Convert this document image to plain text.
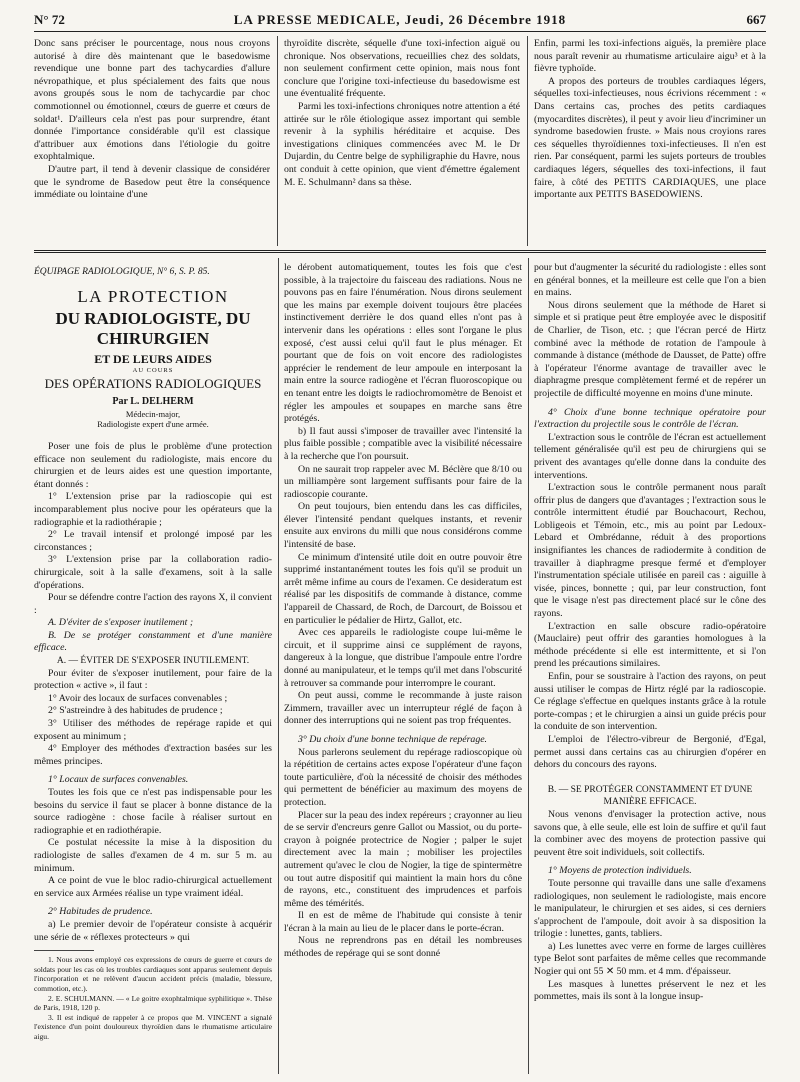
N° 72	LA PRESSE MEDICALE, Jeudi, 26 Décembre 1918	667

Donc sans préciser le pourcentage, nous nous croyons autorisé à dire dès maintenant que le basedowisme revendique une bonne part des tachycardies d'allure névropathique, et plus spécialement des faits que nous avons groupés sous le nom de tachycardie par choc commotionnel ou émotionnel, cœurs de guerre et cœurs de soldat¹. D'ailleurs cela n'est pas pour surprendre, étant donnée l'importance considérable qu'il est classique d'attribuer aux émotions dans l'étiologie du goitre exophtalmique.

D'autre part, il tend à devenir classique de considérer que le syndrome de Basedow peut être la conséquence immédiate ou lointaine d'une

thyroïdite discrète, séquelle d'une toxi-infection aiguë ou chronique. Nos observations, recueillies chez des soldats, non seulement confirment cette opinion, mais nous font conclure que l'origine toxi-infectieuse du basedowisme est une éventualité fréquente.

Parmi les toxi-infections chroniques notre attention a été attirée sur le rôle étiologique assez important qui semble revenir à la syphilis héréditaire et acquise. Des investigations cliniques commencées avec M. le Dr Dujardin, du Centre belge de syphiligraphie du Havre, nous ont conduit à cette opinion, que vient d'émettre également M. E. Schulmann² dans sa thèse.

Enfin, parmi les toxi-infections aiguës, la première place nous paraît revenir au rhumatisme articulaire aigu³ et à la fièvre typhoïde.

A propos des porteurs de troubles cardiaques légers, séquelles toxi-infectieuses, nous écrivions récemment : « Dans certains cas, proches des petits cardiaques (myocardites discrètes), il peut y avoir lieu d'incriminer un syndrome basedowien fruste. » Mais nous croyions rares ces séquelles thyroïdiennes toxi-infectieuses. Il n'en est rien. Par conséquent, parmi les sujets porteurs de troubles cardiaques légers, séquelles des toxi-infections, il faut faire, à côté des PETITS CARDIAQUES, une place importante aux PETITS BASEDOWIENS.

ÉQUIPAGE RADIOLOGIQUE, N° 6, S. P. 85.
LA PROTECTION
DU RADIOLOGISTE, DU CHIRURGIEN
ET DE LEURS AIDES
AU COURS
DES OPÉRATIONS RADIOLOGIQUES
Par L. DELHERM
Médecin-major,
Radiologiste expert d'une armée.

Poser une fois de plus le problème d'une protection efficace non seulement du radiologiste, mais encore du chirurgien et de leurs aides est une question importante, étant donnés :

1° L'extension prise par la radioscopie qui est incomparablement plus nocive pour les opérateurs que la radiographie et la radiothérapie ;

2° Le travail intensif et prolongé imposé par les circonstances ;

3° L'extension prise par la collaboration radio-chirurgicale, soit à la salle d'examens, soit à la salle d'opérations.

Pour se défendre contre l'action des rayons X, il convient :

A. D'éviter de s'exposer inutilement ;

B. De se protéger constamment et d'une manière efficace.

A. — ÉVITER DE S'EXPOSER INUTILEMENT.

Pour éviter de s'exposer inutilement, pour faire de la protection « active », il faut :

1° Avoir des locaux de surfaces convenables ;

2° S'astreindre à des habitudes de prudence ;

3° Utiliser des méthodes de repérage rapide et qui exposent au minimum ;

4° Employer des méthodes d'extraction basées sur les mêmes principes.

1° Locaux de surfaces convenables.

Toutes les fois que ce n'est pas indispensable pour les besoins du service il faut se placer à bonne distance de la source radiogène : chose facile à réaliser surtout en radiographie et en radiothérapie.

Ce postulat nécessite la mise à la disposition du radiologiste de salles d'examen de 4 m. sur 5 m. au minimum.

A ce point de vue le bloc radio-chirurgical actuellement en service aux Armées réalise un type vraiment idéal.

2° Habitudes de prudence.

a) Le premier devoir de l'opérateur consiste à acquérir une série de « réflexes protecteurs » qui

1. Nous avons employé ces expressions de cœurs de guerre et cœurs de soldats pour les cas où les troubles cardiaques sont apparus seulement depuis l'incorporation et ne relèvent d'aucun accident précis (maladie, blessure, commotion, etc.).

2. E. SCHULMANN. — « Le goitre exophtalmique syphilitique ». Thèse de Paris, 1918, 120 p.

3. Il est indiqué de rappeler à ce propos que M. VINCENT a signalé l'existence d'un point douloureux thyroïdien dans le rhumatisme articulaire aigu.

le dérobent automatiquement, toutes les fois que c'est possible, à la trajectoire du faisceau des radiations. Nous ne pouvons pas en faire l'énumération. Nous dirons seulement que les mains par exemple doivent toujours être placées instinctivement derrière le dos quand elles n'ont pas à intervenir dans les opérations : elles sont l'organe le plus exposé, c'est aussi celui qu'il faut le plus ménager. Et pourtant que de fois on voit encore des radiologistes apprécier le rendement de leur ampoule en interposant la main entre la source radiogène et l'écran fluoroscopique ou en tenant entre les doigts le radiochromomètre de Benoist et régler les ampoules et soupapes en marche sans être protégés.

b) Il faut aussi s'imposer de travailler avec l'intensité la plus faible possible ; compatible avec la visibilité nécessaire à la recherche que l'on poursuit.

On ne saurait trop rappeler avec M. Béclère que 8/10 ou un milliampère sont largement suffisants pour faire de la radioscopie courante.

On peut toujours, bien entendu dans les cas difficiles, élever l'intensité pendant quelques instants, et revenir ensuite aux environs du milli que nous considérons comme l'intensité de base.

Ce minimum d'intensité utile doit en outre pouvoir être supprimé instantanément toutes les fois qu'il se produit un arrêt même infime au cours de l'examen. Ce desideratum est réalisé par les dispositifs de commande à distance, comme l'appareil de Chassard, de Roch, de Darcourt, de Boissou et en particulier le pédalier de Hirtz, Gallot, etc.

Avec ces appareils le radiologiste coupe lui-même le circuit, et il supprime ainsi ce supplément de rayons, dangereux à la longue, que distribue l'ampoule entre l'ordre donné au manipulateur, et le temps qu'il met dans l'obscurité à retrouver sa commande pour interrompre le courant.

On peut aussi, comme le recommande à juste raison Zimmern, travailler avec un interrupteur réglé de façon à donner des interruptions qui ne soient pas trop fréquentes.

3° Du choix d'une bonne technique de repérage.

Nous parlerons seulement du repérage radioscopique où la répétition de certains actes expose l'opérateur d'une façon toute particulière, d'où la nécessité de choisir des méthodes qui permettent de bénéficier au maximum des moyens de protection.

Placer sur la peau des index repéreurs ; crayonner au lieu de se servir d'encreurs genre Gallot ou Massiot, ou du porte-crayon à poignée protectrice de Nogier ; palper le sujet directement avec la main ; mobiliser les projectiles autrement qu'avec le clou de Nogier, la tige de spintermètre ou tout autre dispositif qui maintient la main hors du cône de rayons, etc., constituent des imprudences et parfois même des témérités.

Il en est de même de l'habitude qui consiste à tenir l'écran à la main au lieu de le placer dans le porte-écran.

Nous ne reprendrons pas en détail les nombreuses méthodes de repérage qui se sont donné

pour but d'augmenter la sécurité du radiologiste : elles sont en général bonnes, et la meilleure est celle que l'on a bien en mains.

Nous dirons seulement que la méthode de Haret si simple et si pratique peut être employée avec le dispositif de Charlier, de Tison, etc. ; que l'écran percé de Hirtz combiné avec la méthode de rotation de l'ampoule à commande à distance (méthode de Dausset, de Patte) offre à l'opérateur l'énorme avantage de travailler avec le diaphragme presque complètement fermé et de repérer un projectile de difficulté moyenne en moins d'une minute.

4° Choix d'une bonne technique opératoire pour l'extraction du projectile sous le contrôle de l'écran.

L'extraction sous le contrôle de l'écran est actuellement tellement généralisée qu'il est peu de chirurgiens qui se privent des avantages qu'elle donne dans la conduite des interventions.

L'extraction sous le contrôle permanent nous paraît offrir plus de dangers que d'avantages ; l'extraction sous le contrôle intermittent étudié par Bouchacourt, Rechou, Lobligeois et Témoin, etc., mis au point par Ledoux-Lebard et Ombrédanne, réduit à des proportions insignifiantes les chances de radiodermite à condition de travailler à diaphragme presque fermé et d'employer l'instrumentation spéciale utilisée en pareil cas : aiguille à visée, pinces, bonnette ; qui, par leur construction, font que le visage n'est pas directement placé sur le cône des rayons.

L'extraction en salle obscure radio-opératoire (Mauclaire) peut offrir des garanties homologues à la méthode précédente si elle est intermittente, et si l'on prend les précautions similaires.

Enfin, pour se soustraire à l'action des rayons, on peut aussi utiliser le compas de Hirtz réglé par la radioscopie. Ce réglage s'effectue en quelques instants grâce à la rotule porte-compas ; et le chirurgien a ainsi un guide précis pour la conduite de son intervention.

L'emploi de l'électro-vibreur de Bergonié, d'Egal, permet aussi dans certains cas au chirurgien d'opérer en dehors du concours des rayons.

B. — SE PROTÉGER CONSTAMMENT ET D'UNE MANIÈRE EFFICACE.

Nous venons d'envisager la protection active, nous savons que, à elle seule, elle est loin de suffire et qu'il faut la combiner avec des moyens de protection passive qui peuvent être soit individuels, soit collectifs.

1° Moyens de protection individuels.

Toute personne qui travaille dans une salle d'examens radiologiques, non seulement le radiologiste, mais encore le manipulateur, le chirurgien et ses aides, si ces derniers s'approchent de l'ampoule, doit avoir à sa disposition la trilogie : lunettes, gants, tabliers.

a) Les lunettes avec verre en forme de larges cuillères type Belot sont parfaites de même celles que recommande Nogier qui ont 55 ✕ 50 mm. et 4 mm. d'épaisseur.

Les masques à lunettes préservent le nez et les pommettes, mais ils sont à la longue insup-
